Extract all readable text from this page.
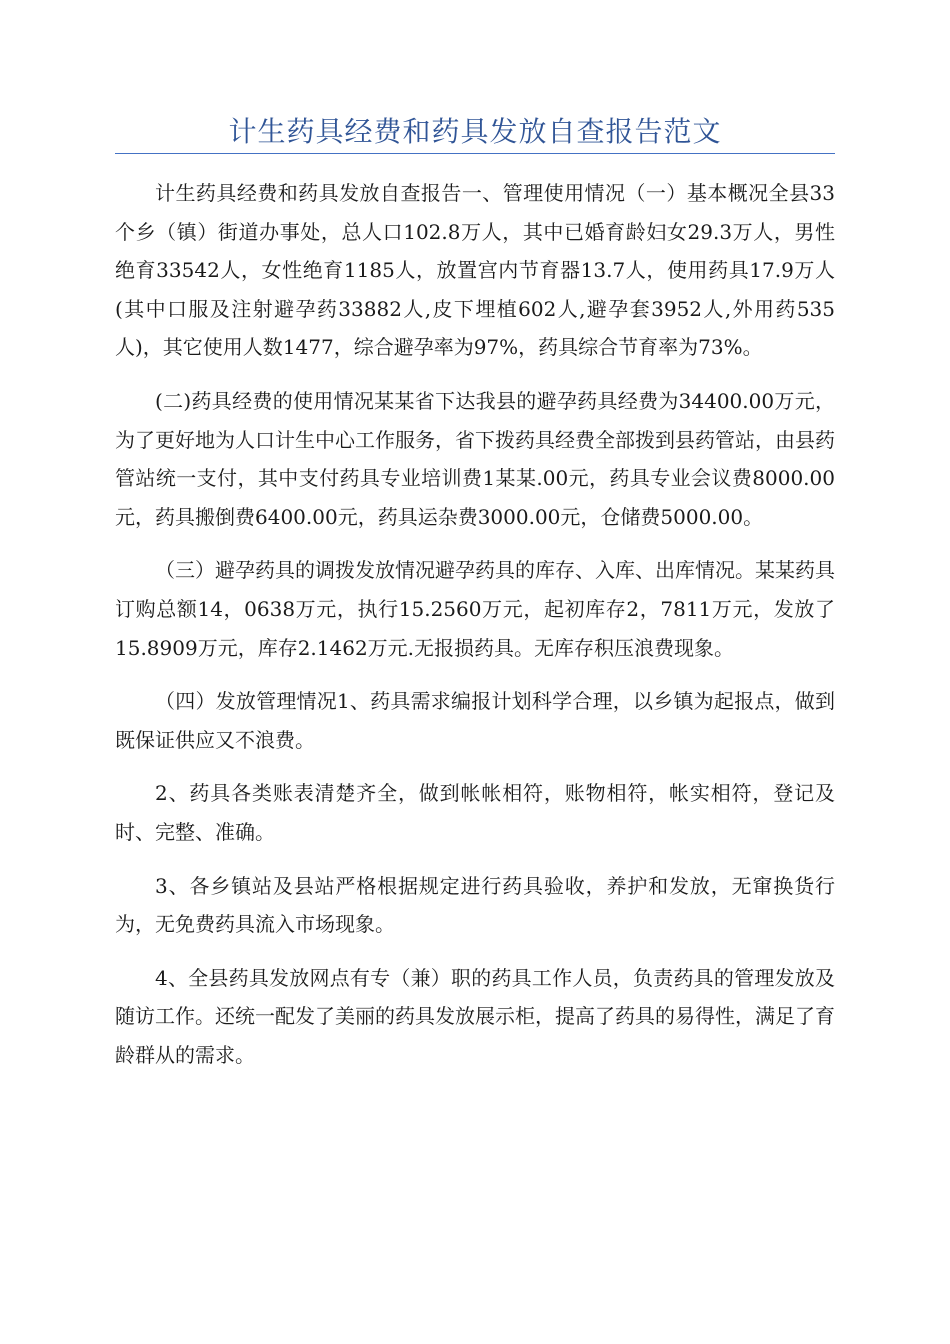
计生药具经费和药具发放自查报告范文

计生药具经费和药具发放自查报告一、管理使用情况（一）基本概况全县33个乡（镇）街道办事处，总人口102.8万人，其中已婚育龄妇女29.3万人，男性绝育33542人，女性绝育1185人，放置宫内节育器13.7人，使用药具17.9万人(其中口服及注射避孕药33882人,皮下埋植602人,避孕套3952人,外用药535人)，其它使用人数1477，综合避孕率为97%，药具综合节育率为73%。

(二)药具经费的使用情况某某省下达我县的避孕药具经费为34400.00万元，为了更好地为人口计生中心工作服务，省下拨药具经费全部拨到县药管站，由县药管站统一支付，其中支付药具专业培训费1某某.00元，药具专业会议费8000.00元，药具搬倒费6400.00元，药具运杂费3000.00元，仓储费5000.00。

（三）避孕药具的调拨发放情况避孕药具的库存、入库、出库情况。某某药具订购总额14，0638万元，执行15.2560万元，起初库存2，7811万元，发放了15.8909万元，库存2.1462万元.无报损药具。无库存积压浪费现象。

（四）发放管理情况1、药具需求编报计划科学合理，以乡镇为起报点，做到既保证供应又不浪费。

2、药具各类账表清楚齐全，做到帐帐相符，账物相符，帐实相符，登记及时、完整、准确。

3、各乡镇站及县站严格根据规定进行药具验收，养护和发放，无窜换货行为，无免费药具流入市场现象。

4、全县药具发放网点有专（兼）职的药具工作人员，负责药具的管理发放及随访工作。还统一配发了美丽的药具发放展示柜，提高了药具的易得性，满足了育龄群从的需求。
